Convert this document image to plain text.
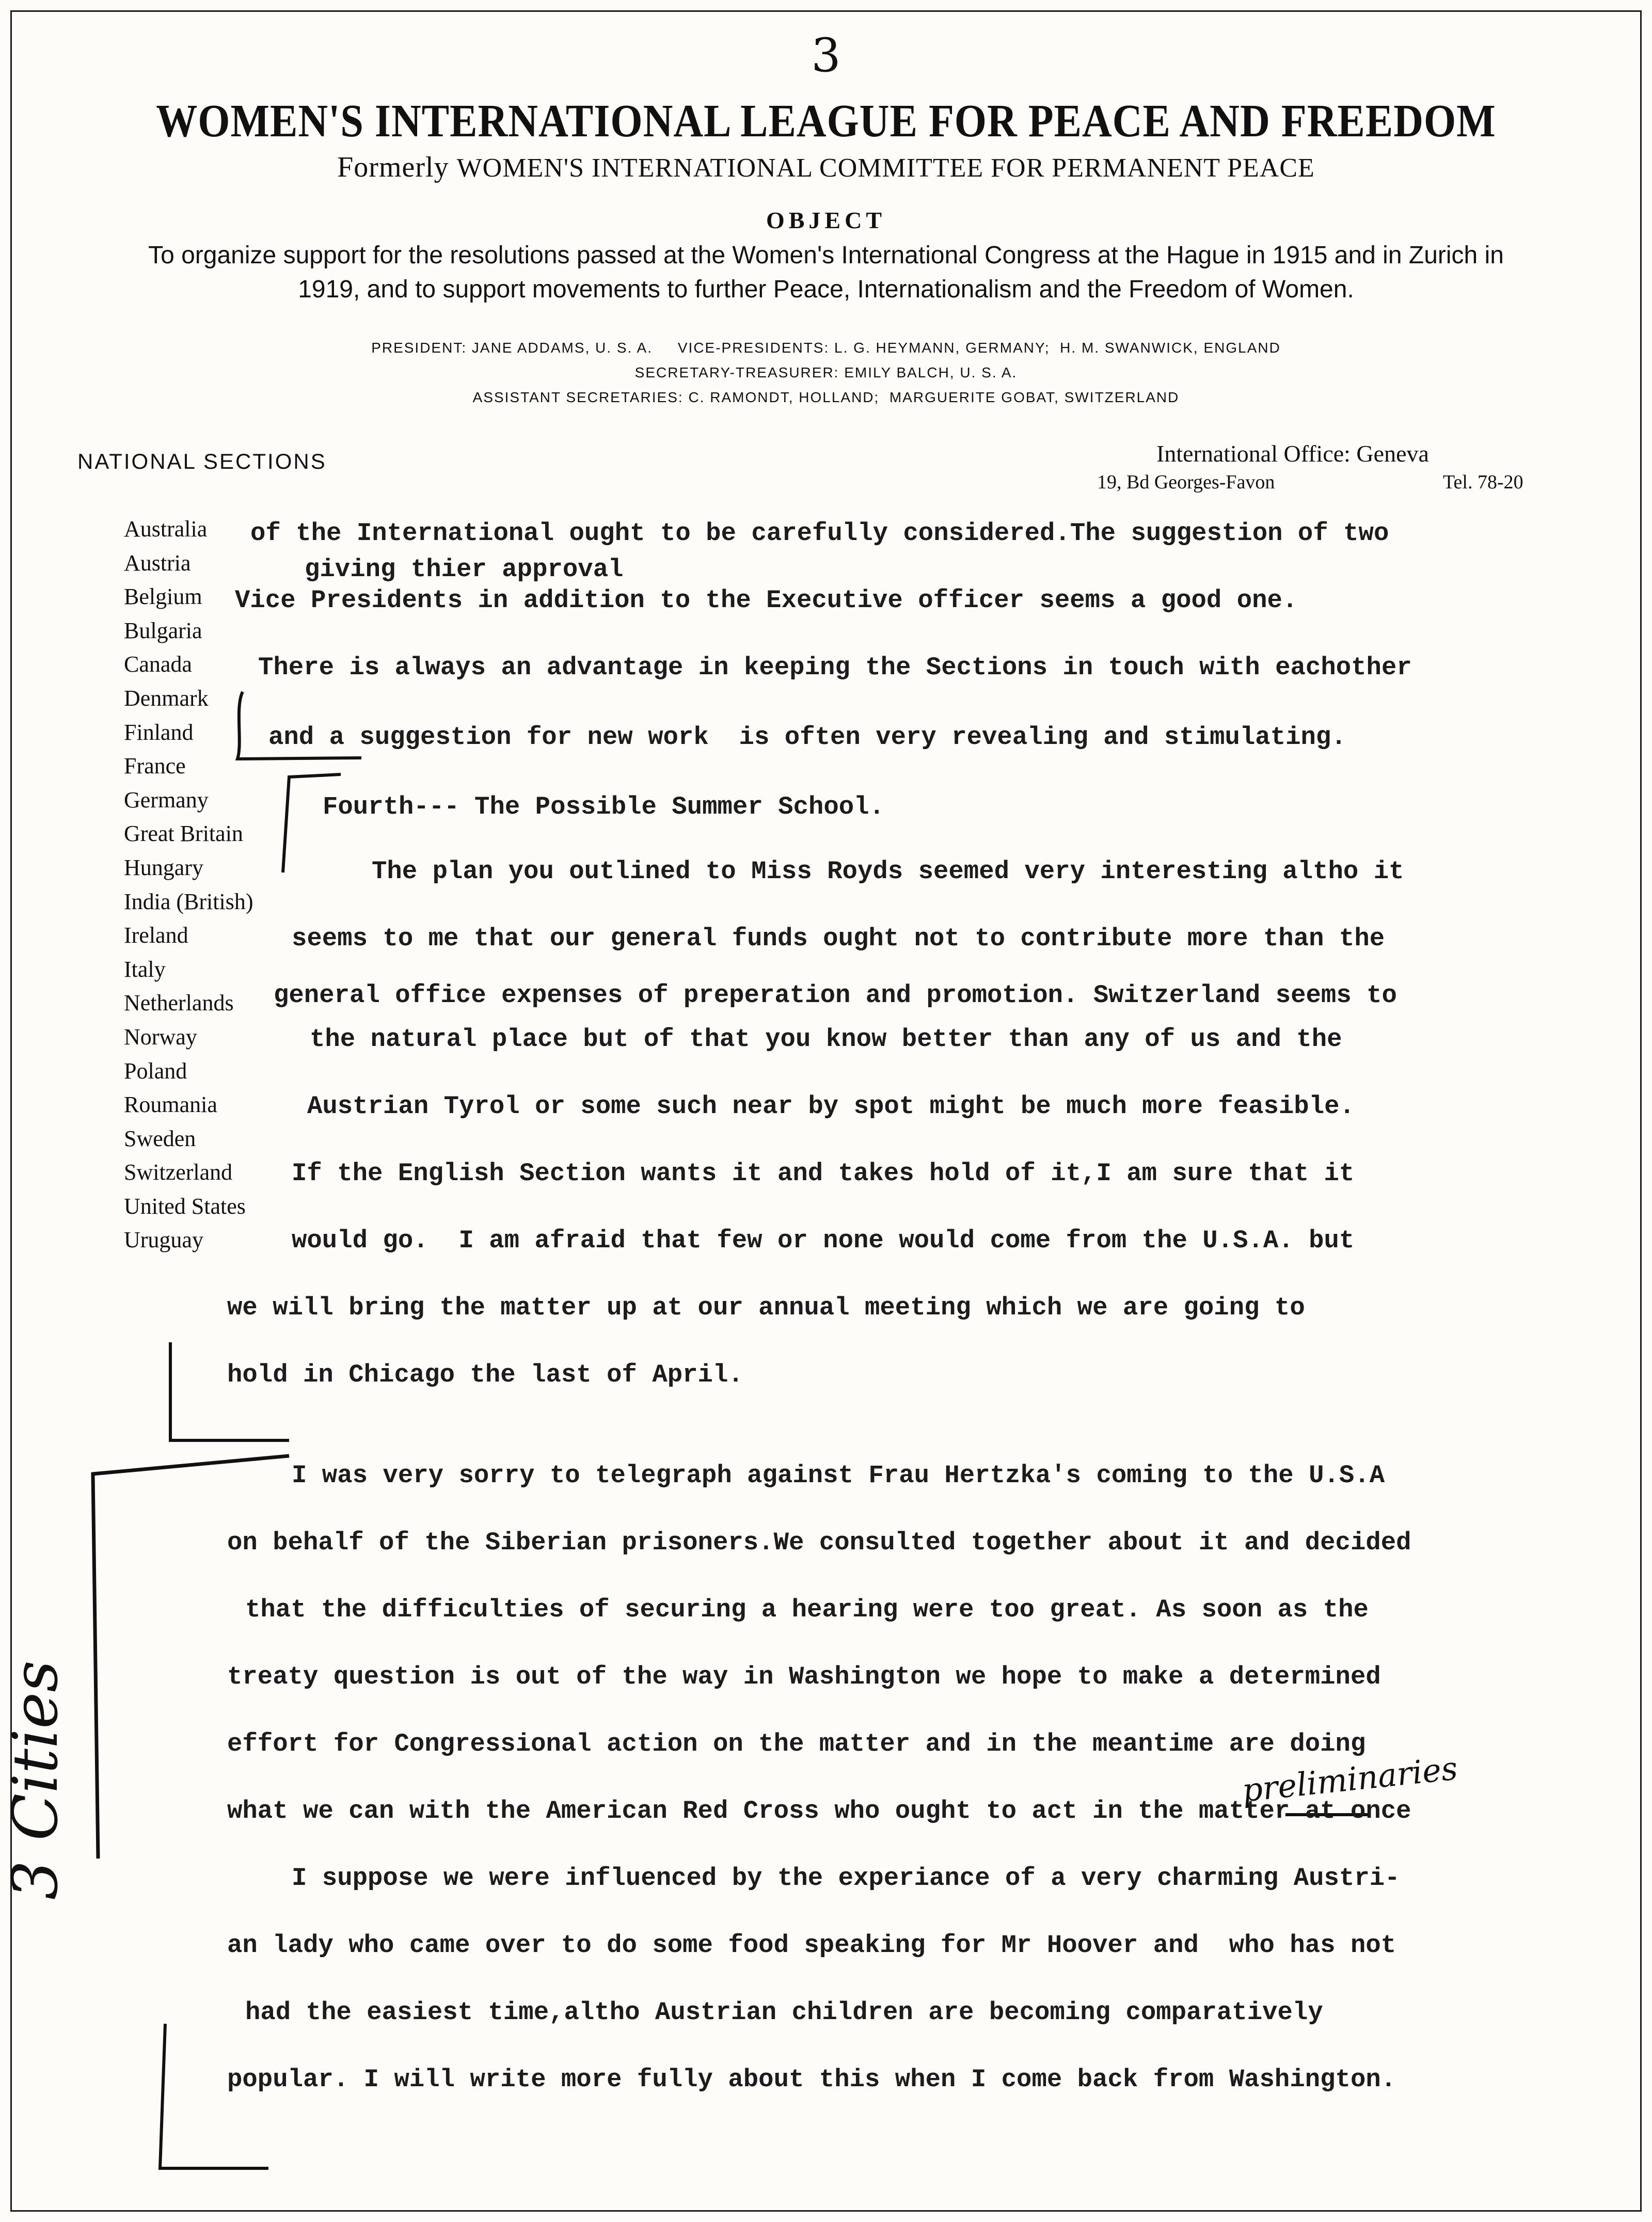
3
WOMEN'S INTERNATIONAL LEAGUE FOR PEACE AND FREEDOM
Formerly WOMEN'S INTERNATIONAL COMMITTEE FOR PERMANENT PEACE
OBJECT
To organize support for the resolutions passed at the Women's International Congress at the Hague in 1915 and in Zurich in 1919, and to support movements to further Peace, Internationalism and the Freedom of Women.
PRESIDENT: JANE ADDAMS, U. S. A.     VICE-PRESIDENTS: L. G. HEYMANN, GERMANY;  H. M. SWANWICK, ENGLAND
SECRETARY-TREASURER: EMILY BALCH, U. S. A.
ASSISTANT SECRETARIES: C. RAMONDT, HOLLAND;  MARGUERITE GOBAT, SWITZERLAND
NATIONAL SECTIONS	International Office: Geneva
19, Bd Georges-Favon	Tel. 78-20
Australia
Austria
Belgium
Bulgaria
Canada
Denmark
Finland
France
Germany
Great Britain
Hungary
India (British)
Ireland
Italy
Netherlands
Norway
Poland
Roumania
Sweden
Switzerland
United States
Uruguay
of the International ought to be carefully considered.The suggestion of two
giving thier approval
Vice Presidents in addition to the Executive officer seems a good one.
There is always an advantage in keeping the Sections in touch with eachother
and a suggestion for new work  is often very revealing and stimulating.
Fourth--- The Possible Summer School.
The plan you outlined to Miss Royds seemed very interesting altho it
seems to me that our general funds ought not to contribute more than the
general office expenses of preperation and promotion. Switzerland seems to
the natural place but of that you know better than any of us and the
Austrian Tyrol or some such near by spot might be much more feasible.
If the English Section wants it and takes hold of it,I am sure that it
would go.  I am afraid that few or none would come from the U.S.A. but
we will bring the matter up at our annual meeting which we are going to
hold in Chicago the last of April.
I was very sorry to telegraph against Frau Hertzka's coming to the U.S.A
on behalf of the Siberian prisoners.We consulted together about it and decided
that the difficulties of securing a hearing were too great. As soon as the
treaty question is out of the way in Washington we hope to make a determined
effort for Congressional action on the matter and in the meantime are doing
what we can with the American Red Cross who ought to act in the matter at once
I suppose we were influenced by the experiance of a very charming Austri-
an lady who came over to do some food speaking for Mr Hoover and  who has not
had the easiest time,altho Austrian children are becoming comparatively
popular. I will write more fully about this when I come back from Washington.
preliminaries
3 Cities
